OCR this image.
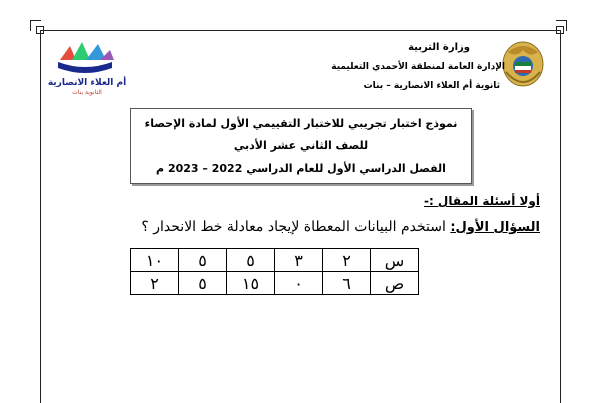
أم العلاء الانصارية
الثانوية بنات
وزارة التربية
الإدارة العامة لمنطقة الأحمدي التعليمية
ثانوية أم العلاء الانصارية – بنات
نموذج اختبار تجريبي للاختبار التقييمي الأول لمادة الإحصاء
للصف الثاني عشر الأدبي
الفصل الدراسي الأول للعام الدراسي 2022 – 2023 م
أولا أسئلة المقال :-
السؤال الأول: استخدم البيانات المعطاة لإيجاد معادلة خط الانحدار ؟
س	٢	٣	٥	٥	١٠
ص	٦	٠	١٥	٥	٢
